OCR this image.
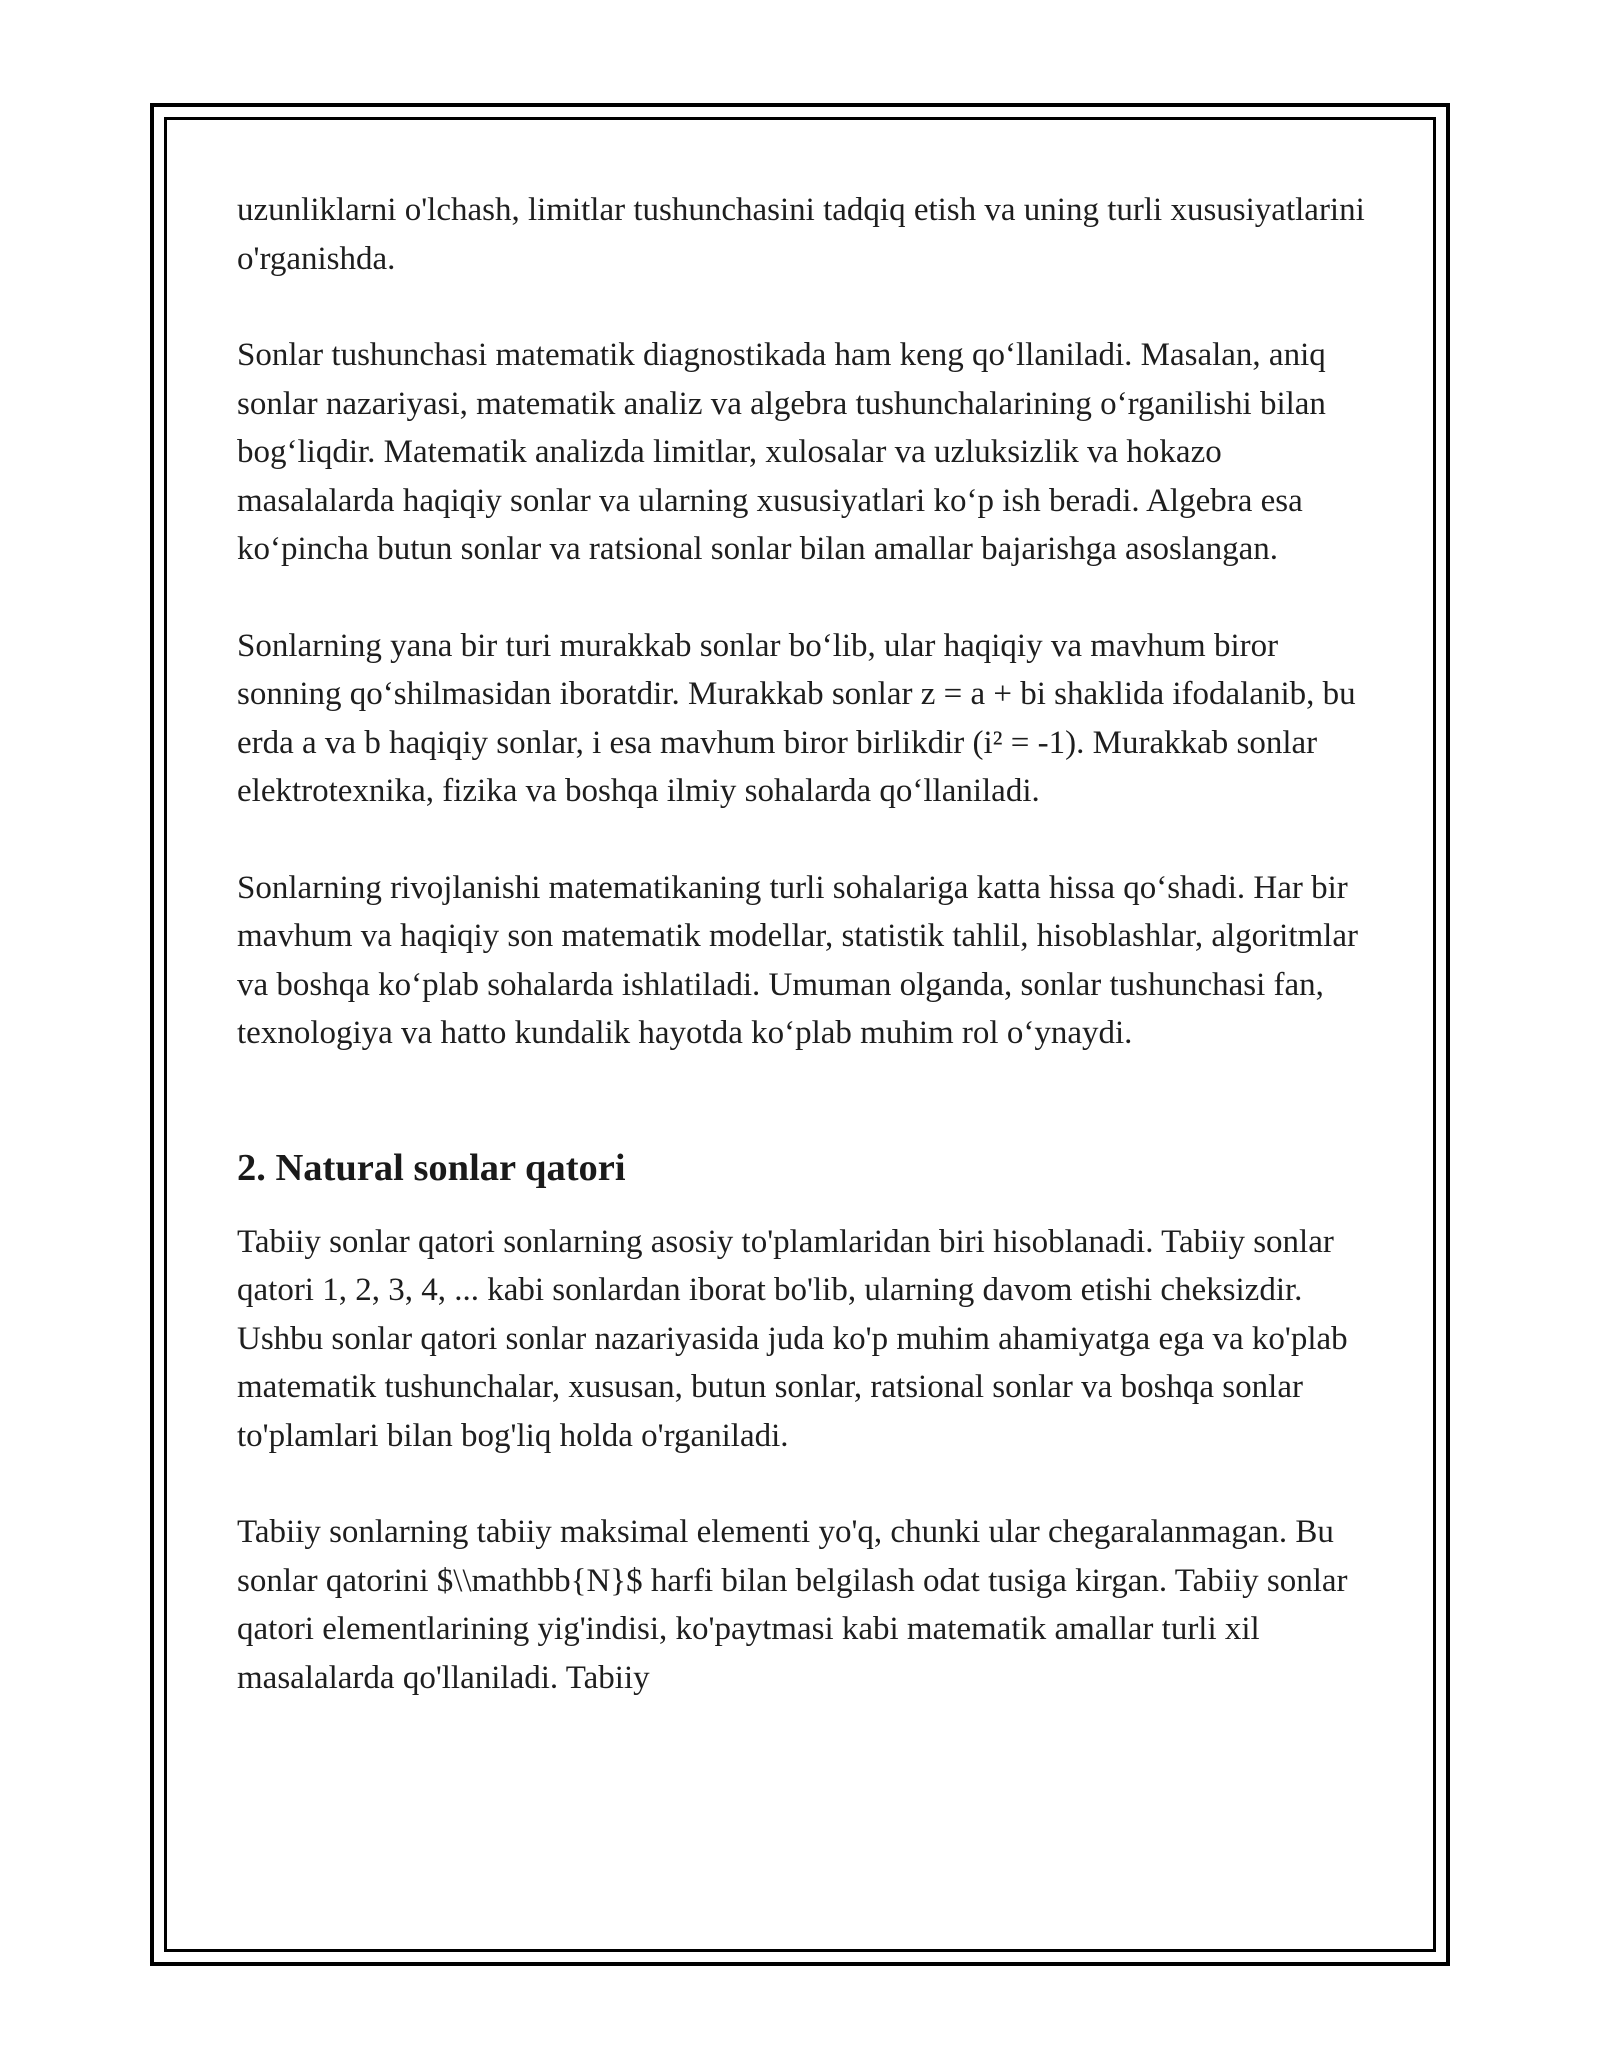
uzunliklarni o'lchash, limitlar tushunchasini tadqiq etish va uning turli xususiyatlarini o'rganishda.

Sonlar tushunchasi matematik diagnostikada ham keng qo‘llaniladi. Masalan, aniq sonlar nazariyasi, matematik analiz va algebra tushunchalarining o‘rganilishi bilan bog‘liqdir. Matematik analizda limitlar, xulosalar va uzluksizlik va hokazo masalalarda haqiqiy sonlar va ularning xususiyatlari ko‘p ish beradi. Algebra esa ko‘pincha butun sonlar va ratsional sonlar bilan amallar bajarishga asoslangan.

Sonlarning yana bir turi murakkab sonlar bo‘lib, ular haqiqiy va mavhum biror sonning qo‘shilmasidan iboratdir. Murakkab sonlar z = a + bi shaklida ifodalanib, bu erda a va b haqiqiy sonlar, i esa mavhum biror birlikdir (i² = -1). Murakkab sonlar elektrotexnika, fizika va boshqa ilmiy sohalarda qo‘llaniladi.

Sonlarning rivojlanishi matematikaning turli sohalariga katta hissa qo‘shadi. Har bir mavhum va haqiqiy son matematik modellar, statistik tahlil, hisoblashlar, algoritmlar va boshqa ko‘plab sohalarda ishlatiladi. Umuman olganda, sonlar tushunchasi fan, texnologiya va hatto kundalik hayotda ko‘plab muhim rol o‘ynaydi.

2. Natural sonlar qatori

Tabiiy sonlar qatori sonlarning asosiy to'plamlaridan biri hisoblanadi. Tabiiy sonlar qatori 1, 2, 3, 4, ... kabi sonlardan iborat bo'lib, ularning davom etishi cheksizdir. Ushbu sonlar qatori sonlar nazariyasida juda ko'p muhim ahamiyatga ega va ko'plab matematik tushunchalar, xususan, butun sonlar, ratsional sonlar va boshqa sonlar to'plamlari bilan bog'liq holda o'rganiladi.

Tabiiy sonlarning tabiiy maksimal elementi yo'q, chunki ular chegaralanmagan. Bu sonlar qatorini $\\mathbb{N}$ harfi bilan belgilash odat tusiga kirgan. Tabiiy sonlar qatori elementlarining yig'indisi, ko'paytmasi kabi matematik amallar turli xil masalalarda qo'llaniladi. Tabiiy
